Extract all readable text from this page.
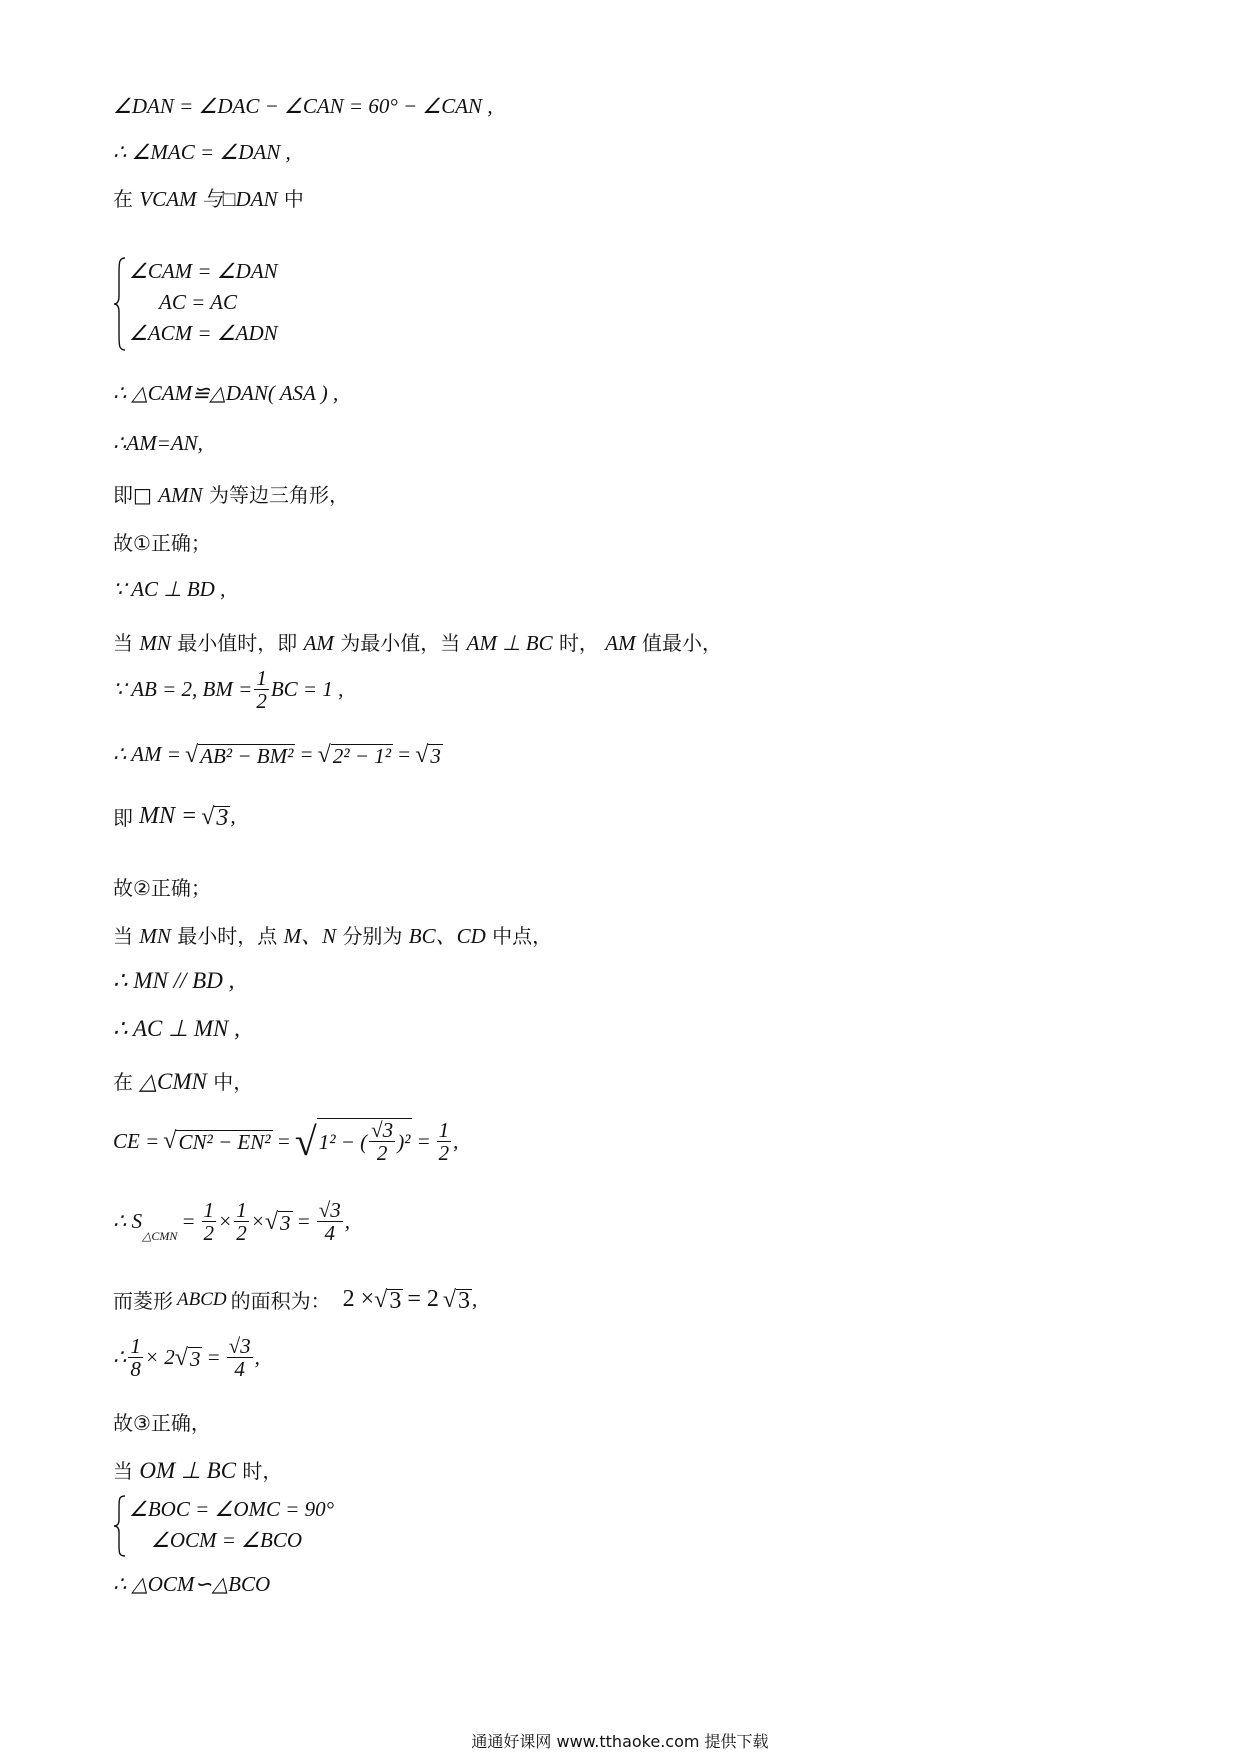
∠DAN = ∠DAC − ∠CAN = 60° − ∠CAN ,
∴ ∠MAC = ∠DAN ,
在 VCAM 与□DAN 中
∠CAM = ∠DAN
AC = AC
∠ACM = ∠ADN
∴ △CAM≌△DAN( ASA ) ,
∴AM=AN,
即□ AMN 为等边三角形，
故①正确；
∵ AC ⊥ BD ,
当 MN 最小值时，即 AM 为最小值，当 AM ⊥ BC 时， AM 值最小，
∵ AB = 2, BM = $\frac{1}{2}$ BC = 1 ,
∴ AM = √ AB² − BM² = √ 2² − 1² = √ 3
即 MN = √ 3 ,
故②正确；
当 MN 最小时，点 M、N 分别为 BC、CD 中点，
∴ MN // BD ,
∴ AC ⊥ MN ,
在 △CMN 中，
CE = √ CN² − EN² = √ 1² − ( $\frac{√3}{2} )^2 = \frac{1}{2}$ ,
∴ S
$_{\triangle CMN}$
= $\frac{1}{2} \times \frac{1}{2}$ × √ $3 = \frac{√3}{4}$ ,
而菱形 ABCD 的面积为： 2 × √ 3 = 2 √ 3 ,
∴ $\frac{1}{8} \times 2$ √ $3 = \frac{√3}{4}$ ,
故③正确，
当 OM ⊥ BC 时，
∠BOC = ∠OMC = 90°
∠OCM = ∠BCO
∴ △OCM∽△BCO
通通好课网 www.tthaoke.com 提供下载
